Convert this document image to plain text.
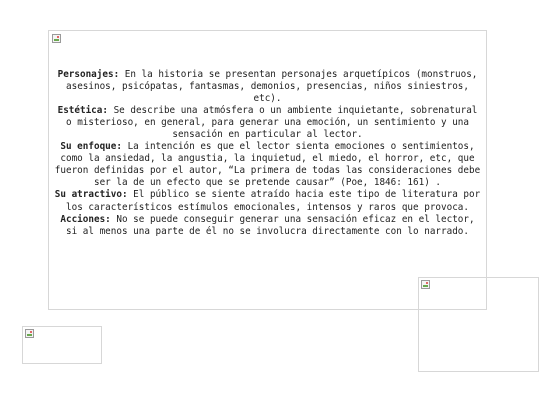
Personajes: En la historia se presentan personajes arquetípicos (monstruos, asesinos, psicópatas, fantasmas, demonios, presencias, niños siniestros, etc).

Estética: Se describe una atmósfera o un ambiente inquietante, sobrenatural o misterioso, en general, para generar una emoción, un sentimiento y una sensación en particular al lector.

Su enfoque: La intención es que el lector sienta emociones o sentimientos, como la ansiedad, la angustia, la inquietud, el miedo, el horror, etc, que fueron definidas por el autor, “La primera de todas las consideraciones debe ser la de un efecto que se pretende causar” (Poe, 1846: 161) .

Su atractivo: El público se siente atraído hacia este tipo de literatura por los característicos estímulos emocionales, intensos y raros que provoca.

Acciones: No se puede conseguir generar una sensación eficaz en el lector, si al menos una parte de él no se involucra directamente con lo narrado.
